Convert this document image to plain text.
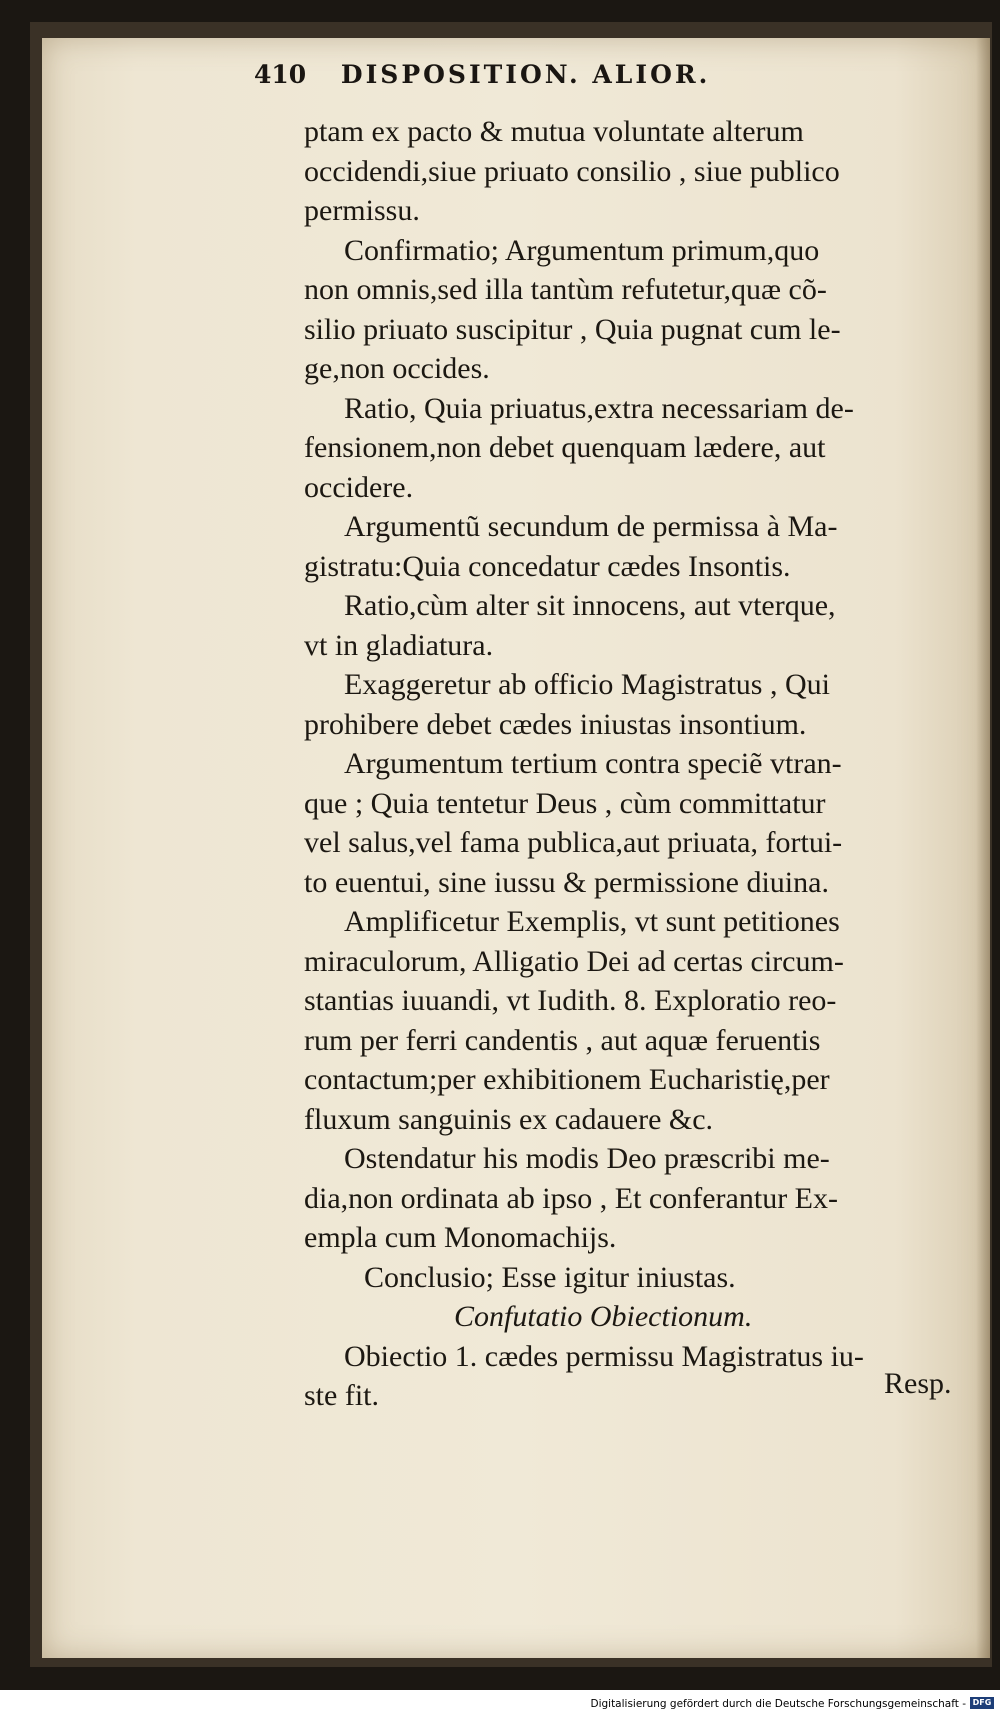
410 DISPOSITION. ALIOR.
ptam ex pacto & mutua voluntate alterum
occidendi,siue priuato consilio , siue publico
permissu.
Confirmatio; Argumentum primum,quo
non omnis,sed illa tantùm refutetur,quæ cõ-
silio priuato suscipitur , Quia pugnat cum le-
ge,non occides.
Ratio, Quia priuatus,extra necessariam de-
fensionem,non debet quenquam lædere, aut
occidere.
Argumentũ secundum de permissa à Ma-
gistratu:Quia concedatur cædes Insontis.
Ratio,cùm alter sit innocens, aut vterque,
vt in gladiatura.
Exaggeretur ab officio Magistratus , Qui
prohibere debet cædes iniustas insontium.
Argumentum tertium contra speciẽ vtran-
que ; Quia tentetur Deus , cùm committatur
vel salus,vel fama publica,aut priuata, fortui-
to euentui, sine iussu & permissione diuina.
Amplificetur Exemplis, vt sunt petitiones
miraculorum, Alligatio Dei ad certas circum-
stantias iuuandi, vt Iudith. 8. Exploratio reo-
rum per ferri candentis , aut aquæ feruentis
contactum;per exhibitionem Eucharistię,per
fluxum sanguinis ex cadauere &c.
Ostendatur his modis Deo præscribi me-
dia,non ordinata ab ipso , Et conferantur Ex-
empla cum Monomachijs.
Conclusio; Esse igitur iniustas.
Confutatio Obiectionum.
Obiectio 1. cædes permissu Magistratus iu-
ste fit.	Resp.
Digitalisierung gefördert durch die Deutsche Forschungsgemeinschaft - DFG
